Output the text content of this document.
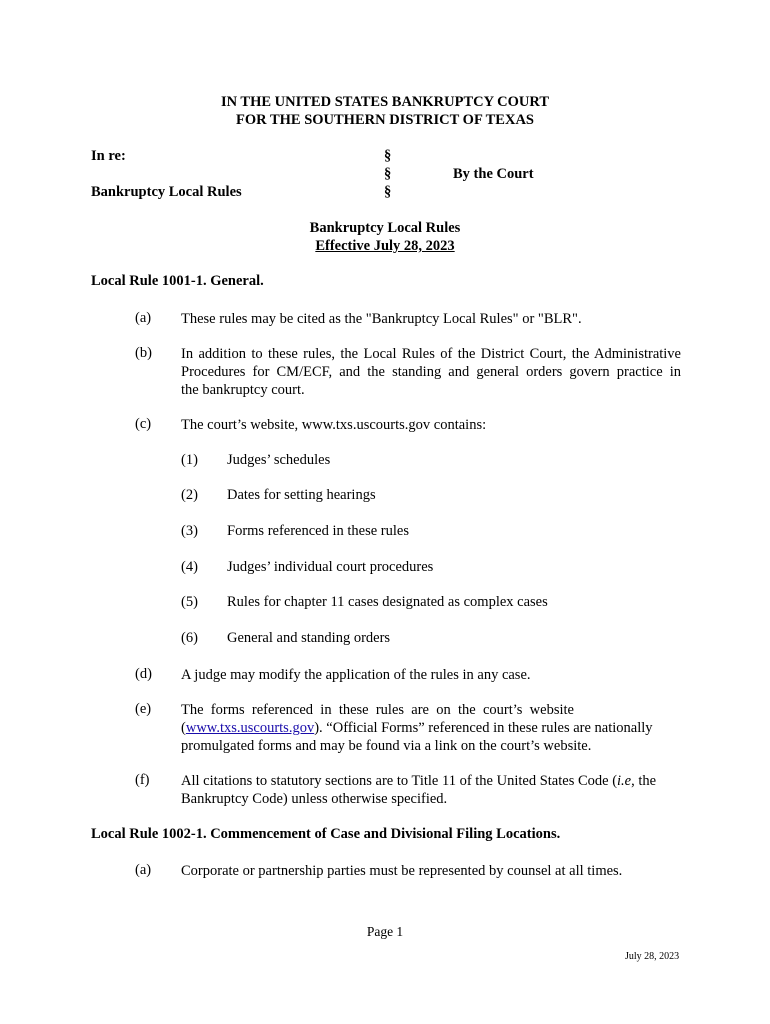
IN THE UNITED STATES BANKRUPTCY COURT
FOR THE SOUTHERN DISTRICT OF TEXAS
In re:
Bankruptcy Local Rules
§
§
§
By the Court
Bankruptcy Local Rules
Effective July 28, 2023
Local Rule 1001-1. General.
(a) These rules may be cited as the "Bankruptcy Local Rules" or "BLR".
(b) In addition to these rules, the Local Rules of the District Court, the Administrative
Procedures for CM/ECF, and the standing and general orders govern practice in
the bankruptcy court.
(c) The court’s website, www.txs.uscourts.gov contains:
(1) Judges’ schedules
(2) Dates for setting hearings
(3) Forms referenced in these rules
(4) Judges’ individual court procedures
(5) Rules for chapter 11 cases designated as complex cases
(6) General and standing orders
(d) A judge may modify the application of the rules in any case.
(e) The  forms  referenced  in  these  rules  are  on  the  court’s  website
(www.txs.uscourts.gov). “Official Forms” referenced in these rules are nationally
promulgated forms and may be found via a link on the court’s website.
(f) All citations to statutory sections are to Title 11 of the United States Code (i.e, the
Bankruptcy Code) unless otherwise specified.
Local Rule 1002-1. Commencement of Case and Divisional Filing Locations.
(a) Corporate or partnership parties must be represented by counsel at all times.
Page 1
July 28, 2023
